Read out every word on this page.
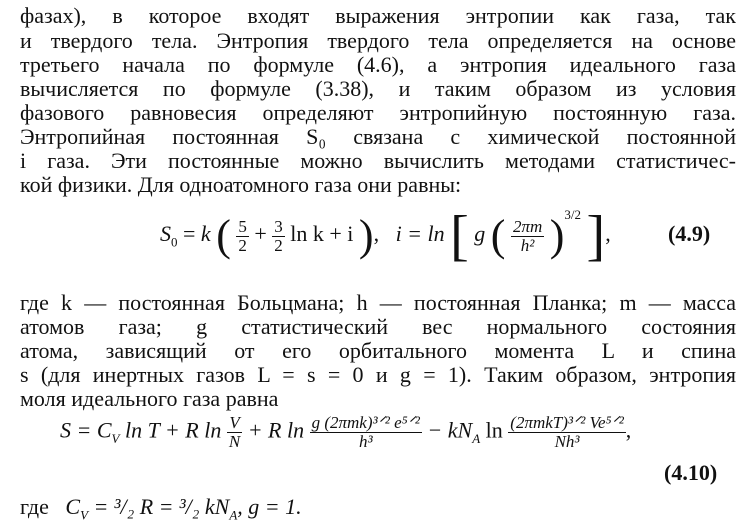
фазах), в которое входят выражения энтропии как газа, так
и твердого тела. Энтропия твердого тела определяется на основе
третьего начала по формуле (4.6), а энтропия идеального газа
вычисляется по формуле (3.38), и таким образом из условия
фазового равновесия определяют энтропийную постоянную газа.
Энтропийная постоянная S₀ связана с химической постоянной
i газа. Эти постоянные можно вычислить методами статистичес-
кой физики. Для одноатомного газа они равны:
$S_0 = k$ ( $\frac{5}{2} + \frac{3}{2}$ ln k + i ), i = ln [ g ( $\frac{2\pi m}{\text{h²}} )^{3/2}$ ],	(4.9)
где k — постоянная Больцмана; h — постоянная Планка; m — масса
атомов газа; g статистический вес нормального состояния
атома, зависящий от его орбитального момента L и спина
s (для инертных газов L = s = 0 и g = 1). Таким образом, энтропия
моля идеального газа равна
$S = C_V$ ln T + R $\ln \frac{V}{N} + R$ $\ln \frac{\text{g (2πmk)³ᐟ² e⁵ᐟ²}}{\text{h³}} - kN_A$ $\ln \frac{\text{(2πmkT)³ᐟ² Ve⁵ᐟ²}}{\text{Nh³}}$ ,
(4.10)
где $C_V = ^3/_2$ R = ³/₂ $kN_A$, g = 1.
